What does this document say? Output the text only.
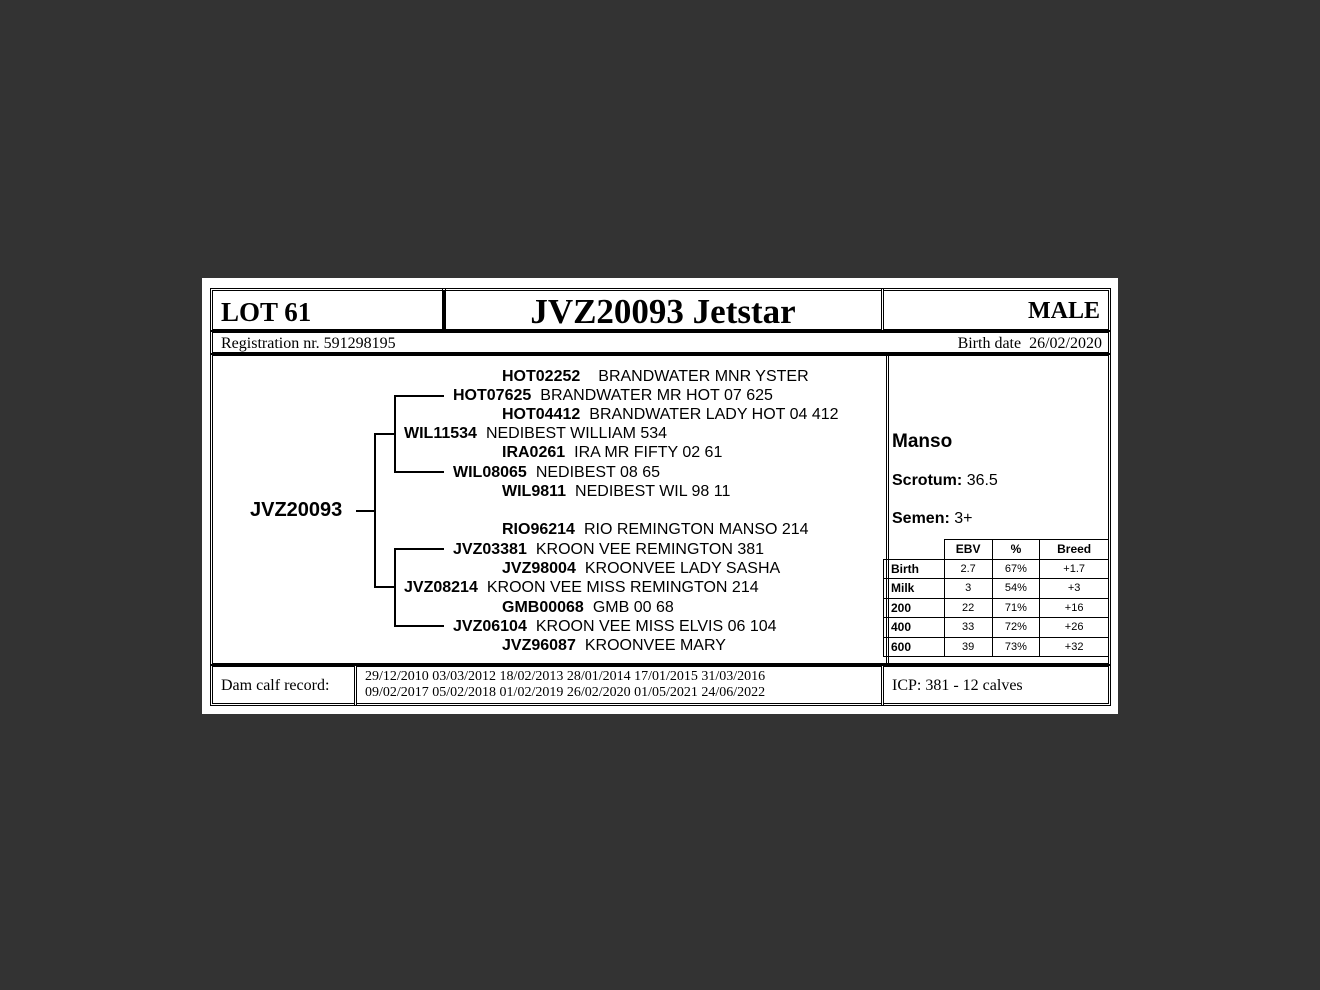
LOT 61	JVZ20093 Jetstar	MALE
Registration nr. 591298195	Birth date 26/02/2020
JVZ20093
HOT02252 BRANDWATER MNR YSTER
HOT07625 BRANDWATER MR HOT 07 625
HOT04412 BRANDWATER LADY HOT 04 412
WIL11534 NEDIBEST WILLIAM 534
IRA0261 IRA MR FIFTY 02 61
WIL08065 NEDIBEST 08 65
WIL9811 NEDIBEST WIL 98 11
RIO96214 RIO REMINGTON MANSO 214
JVZ03381 KROON VEE REMINGTON 381
JVZ98004 KROONVEE LADY SASHA
JVZ08214 KROON VEE MISS REMINGTON 214
GMB00068 GMB 00 68
JVZ06104 KROON VEE MISS ELVIS 06 104
JVZ96087 KROONVEE MARY
Manso
Scrotum: 36.5
Semen: 3+
	EBV	%	Breed
Birth	2.7	67%	+1.7
Milk	3	54%	+3
200	22	71%	+16
400	33	72%	+26
600	39	73%	+32
Dam calf record:
29/12/2010 03/03/2012 18/02/2013 28/01/2014 17/01/2015 31/03/2016
09/02/2017 05/02/2018 01/02/2019 26/02/2020 01/05/2021 24/06/2022	ICP: 381 - 12 calves
